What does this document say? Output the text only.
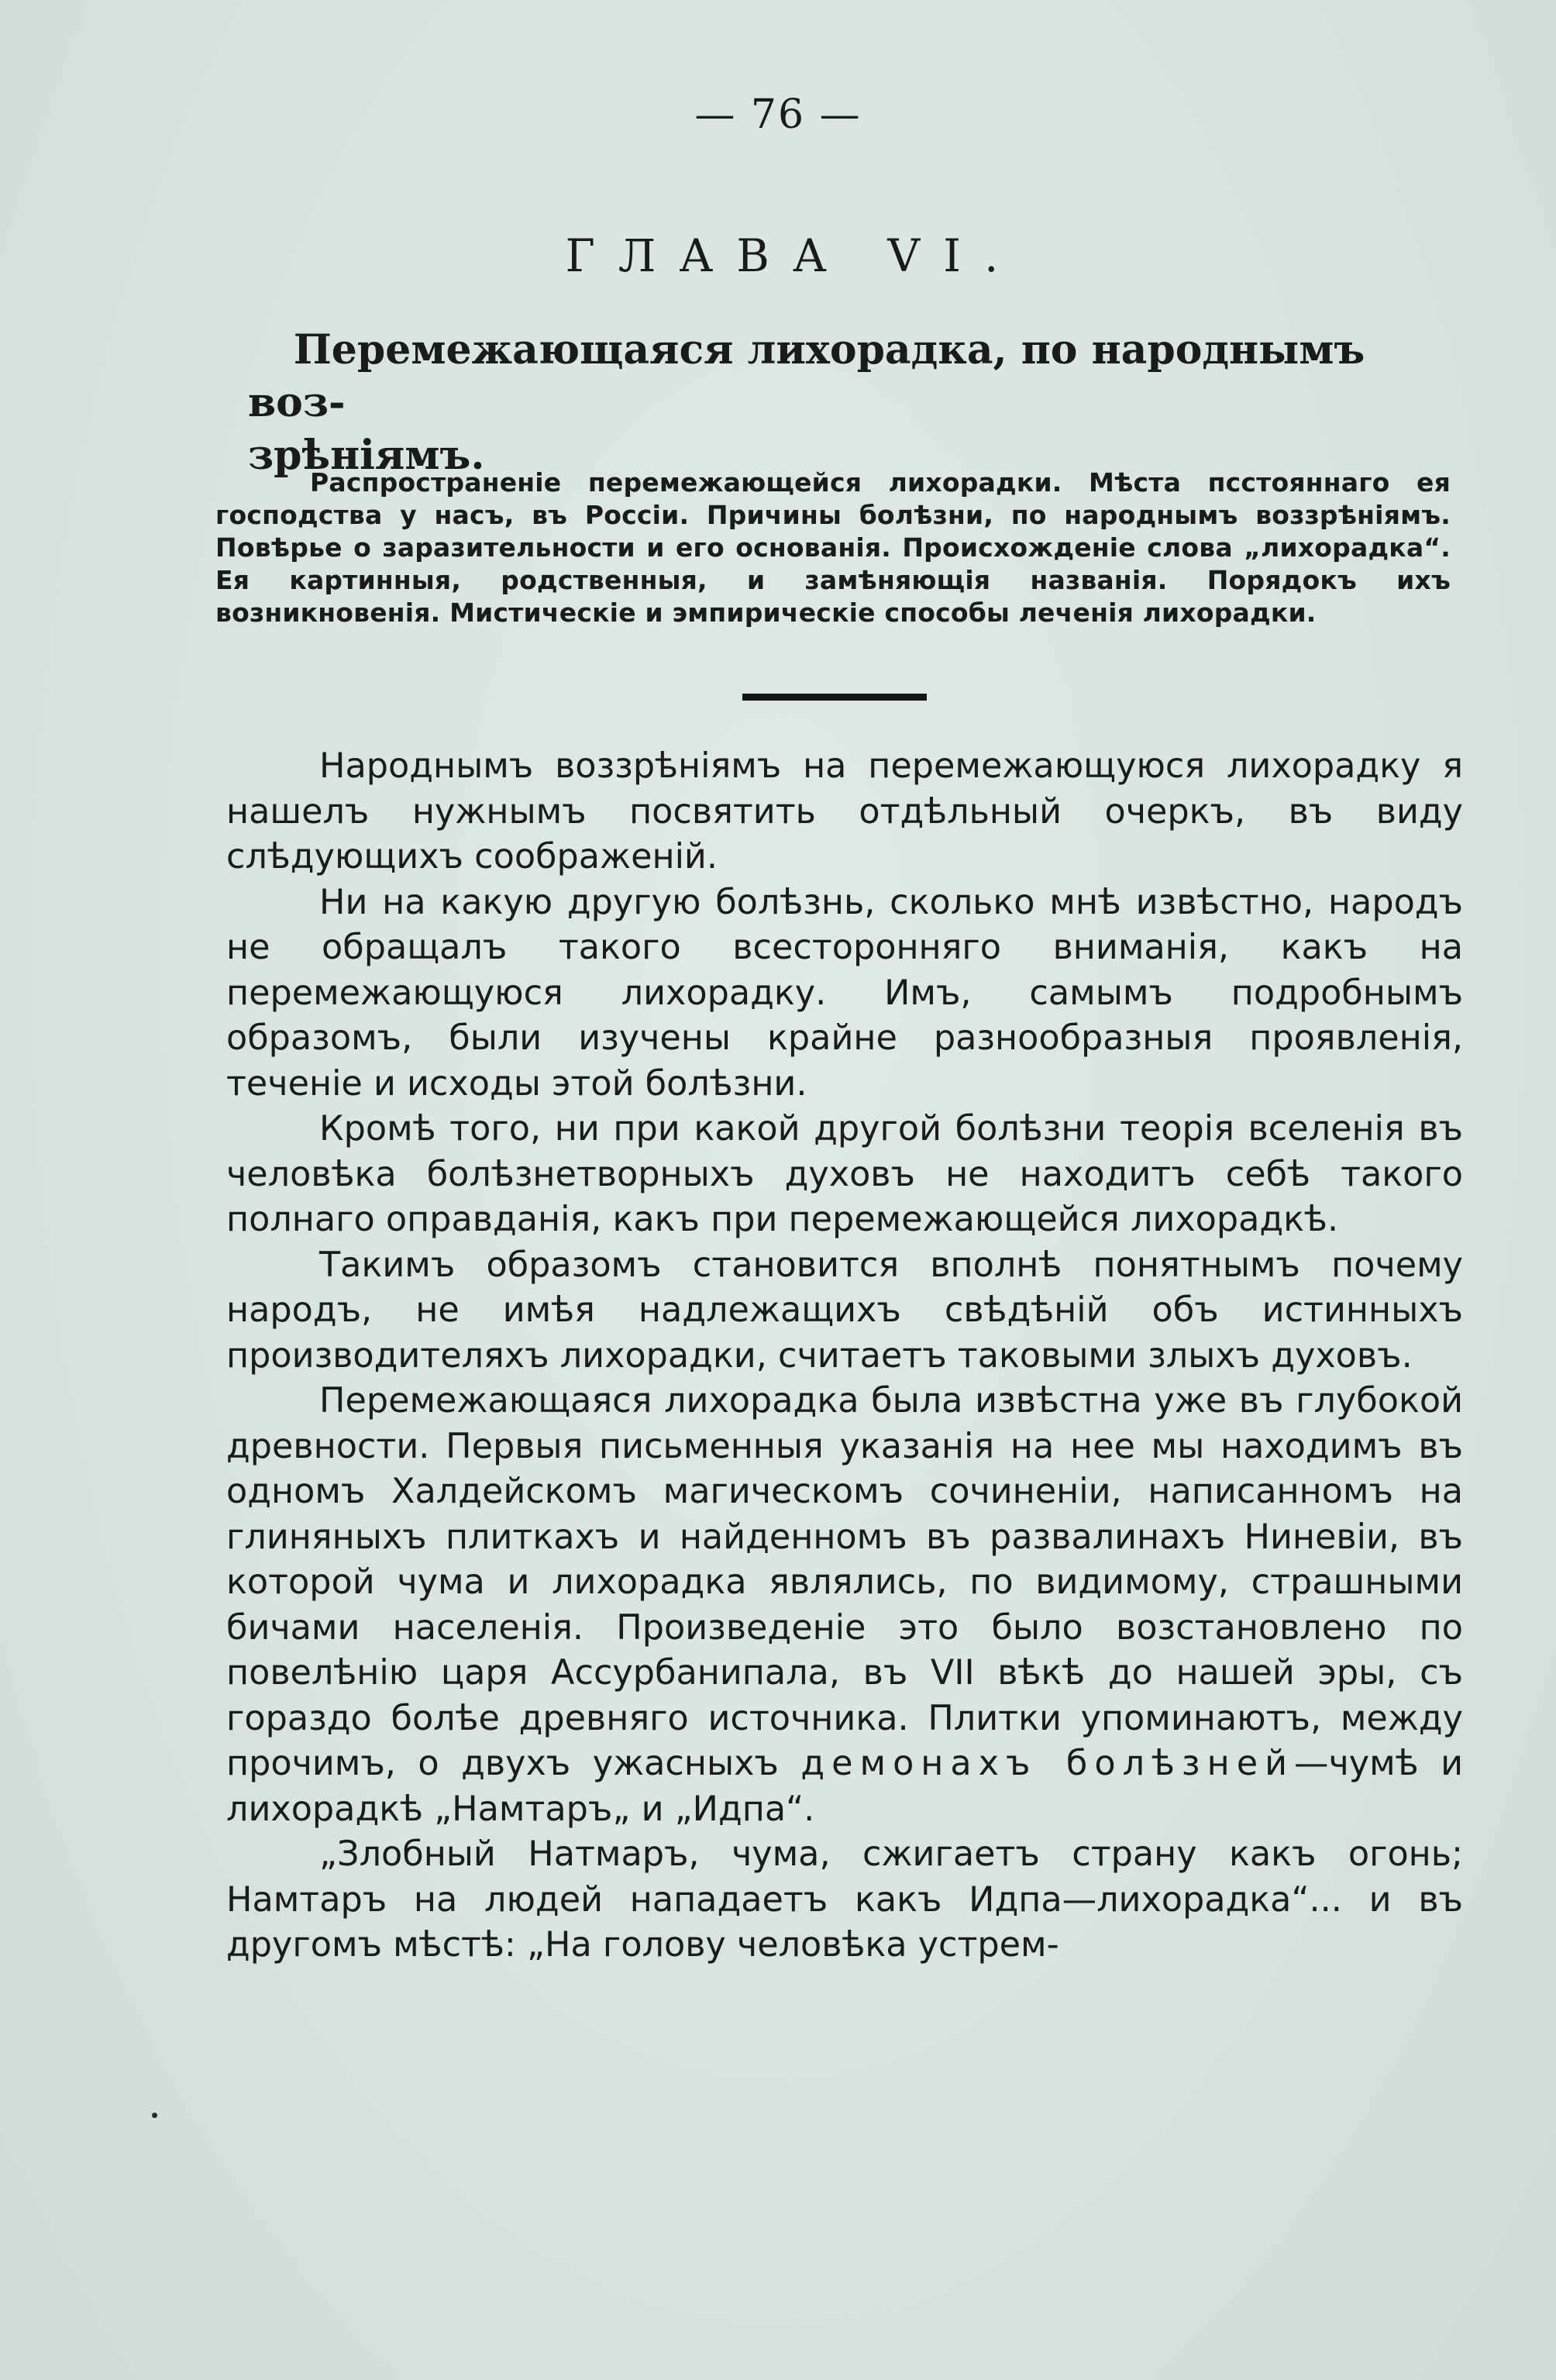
— 76 —
ГЛАВА VI.
Перемежающаяся лихорадка, по народнымъ воз-
зрѣніямъ.
Распространеніе перемежающейся лихорадки. Мѣста пcстояннаго ея господства у насъ, въ Россіи. Причины болѣзни, по народнымъ воззрѣніямъ. Повѣрье о заразительности и его основанія. Происхожденіе слова „лихорадка“. Ея картинныя, родственныя, и замѣняющія названія. Порядокъ ихъ возникновенія. Мистическіе и эмпирическіе способы леченія лихорадки.

Народнымъ воззрѣніямъ на перемежающуюся лихорадку я нашелъ нужнымъ посвятить отдѣльный очеркъ, въ виду слѣдующихъ соображеній.

Ни на какую другую болѣзнь, сколько мнѣ извѣстно, народъ не обращалъ такого всесторонняго вниманія, какъ на перемежающуюся лихорадку. Имъ, самымъ подробнымъ образомъ, были изучены крайне разнообразныя проявленія, теченіе и исходы этой болѣзни.

Кромѣ того, ни при какой другой болѣзни теорія вселенія въ человѣка болѣзнетворныхъ духовъ не находитъ себѣ такого полнаго оправданія, какъ при перемежающейся лихорадкѣ.

Такимъ образомъ становится вполнѣ понятнымъ почему народъ, не имѣя надлежащихъ свѣдѣній объ истинныхъ производителяхъ лихорадки, считаетъ таковыми злыхъ духовъ.

Перемежающаяся лихорадка была извѣстна уже въ глубокой древности. Первыя письменныя указанія на нее мы находимъ въ одномъ Халдейскомъ магическомъ сочиненіи, написанномъ на глиняныхъ плиткахъ и найденномъ въ развалинахъ Ниневіи, въ которой чума и лихорадка являлись, по видимому, страшными бичами населенія. Произведеніе это было возстановлено по повелѣнію царя Ассурбанипала, въ VII вѣкѣ до нашей эры, съ гораздо болѣе древняго источника. Плитки упоминаютъ, между прочимъ, о двухъ ужасныхъ демонахъ болѣзней—чумѣ и лихорадкѣ „Намтаръ„ и „Идпа“.

„Злобный Натмаръ, чума, сжигаетъ страну какъ огонь; Намтаръ на людей нападаетъ какъ Идпа—лихорадка“... и въ другомъ мѣстѣ: „На голову человѣка устрем-
